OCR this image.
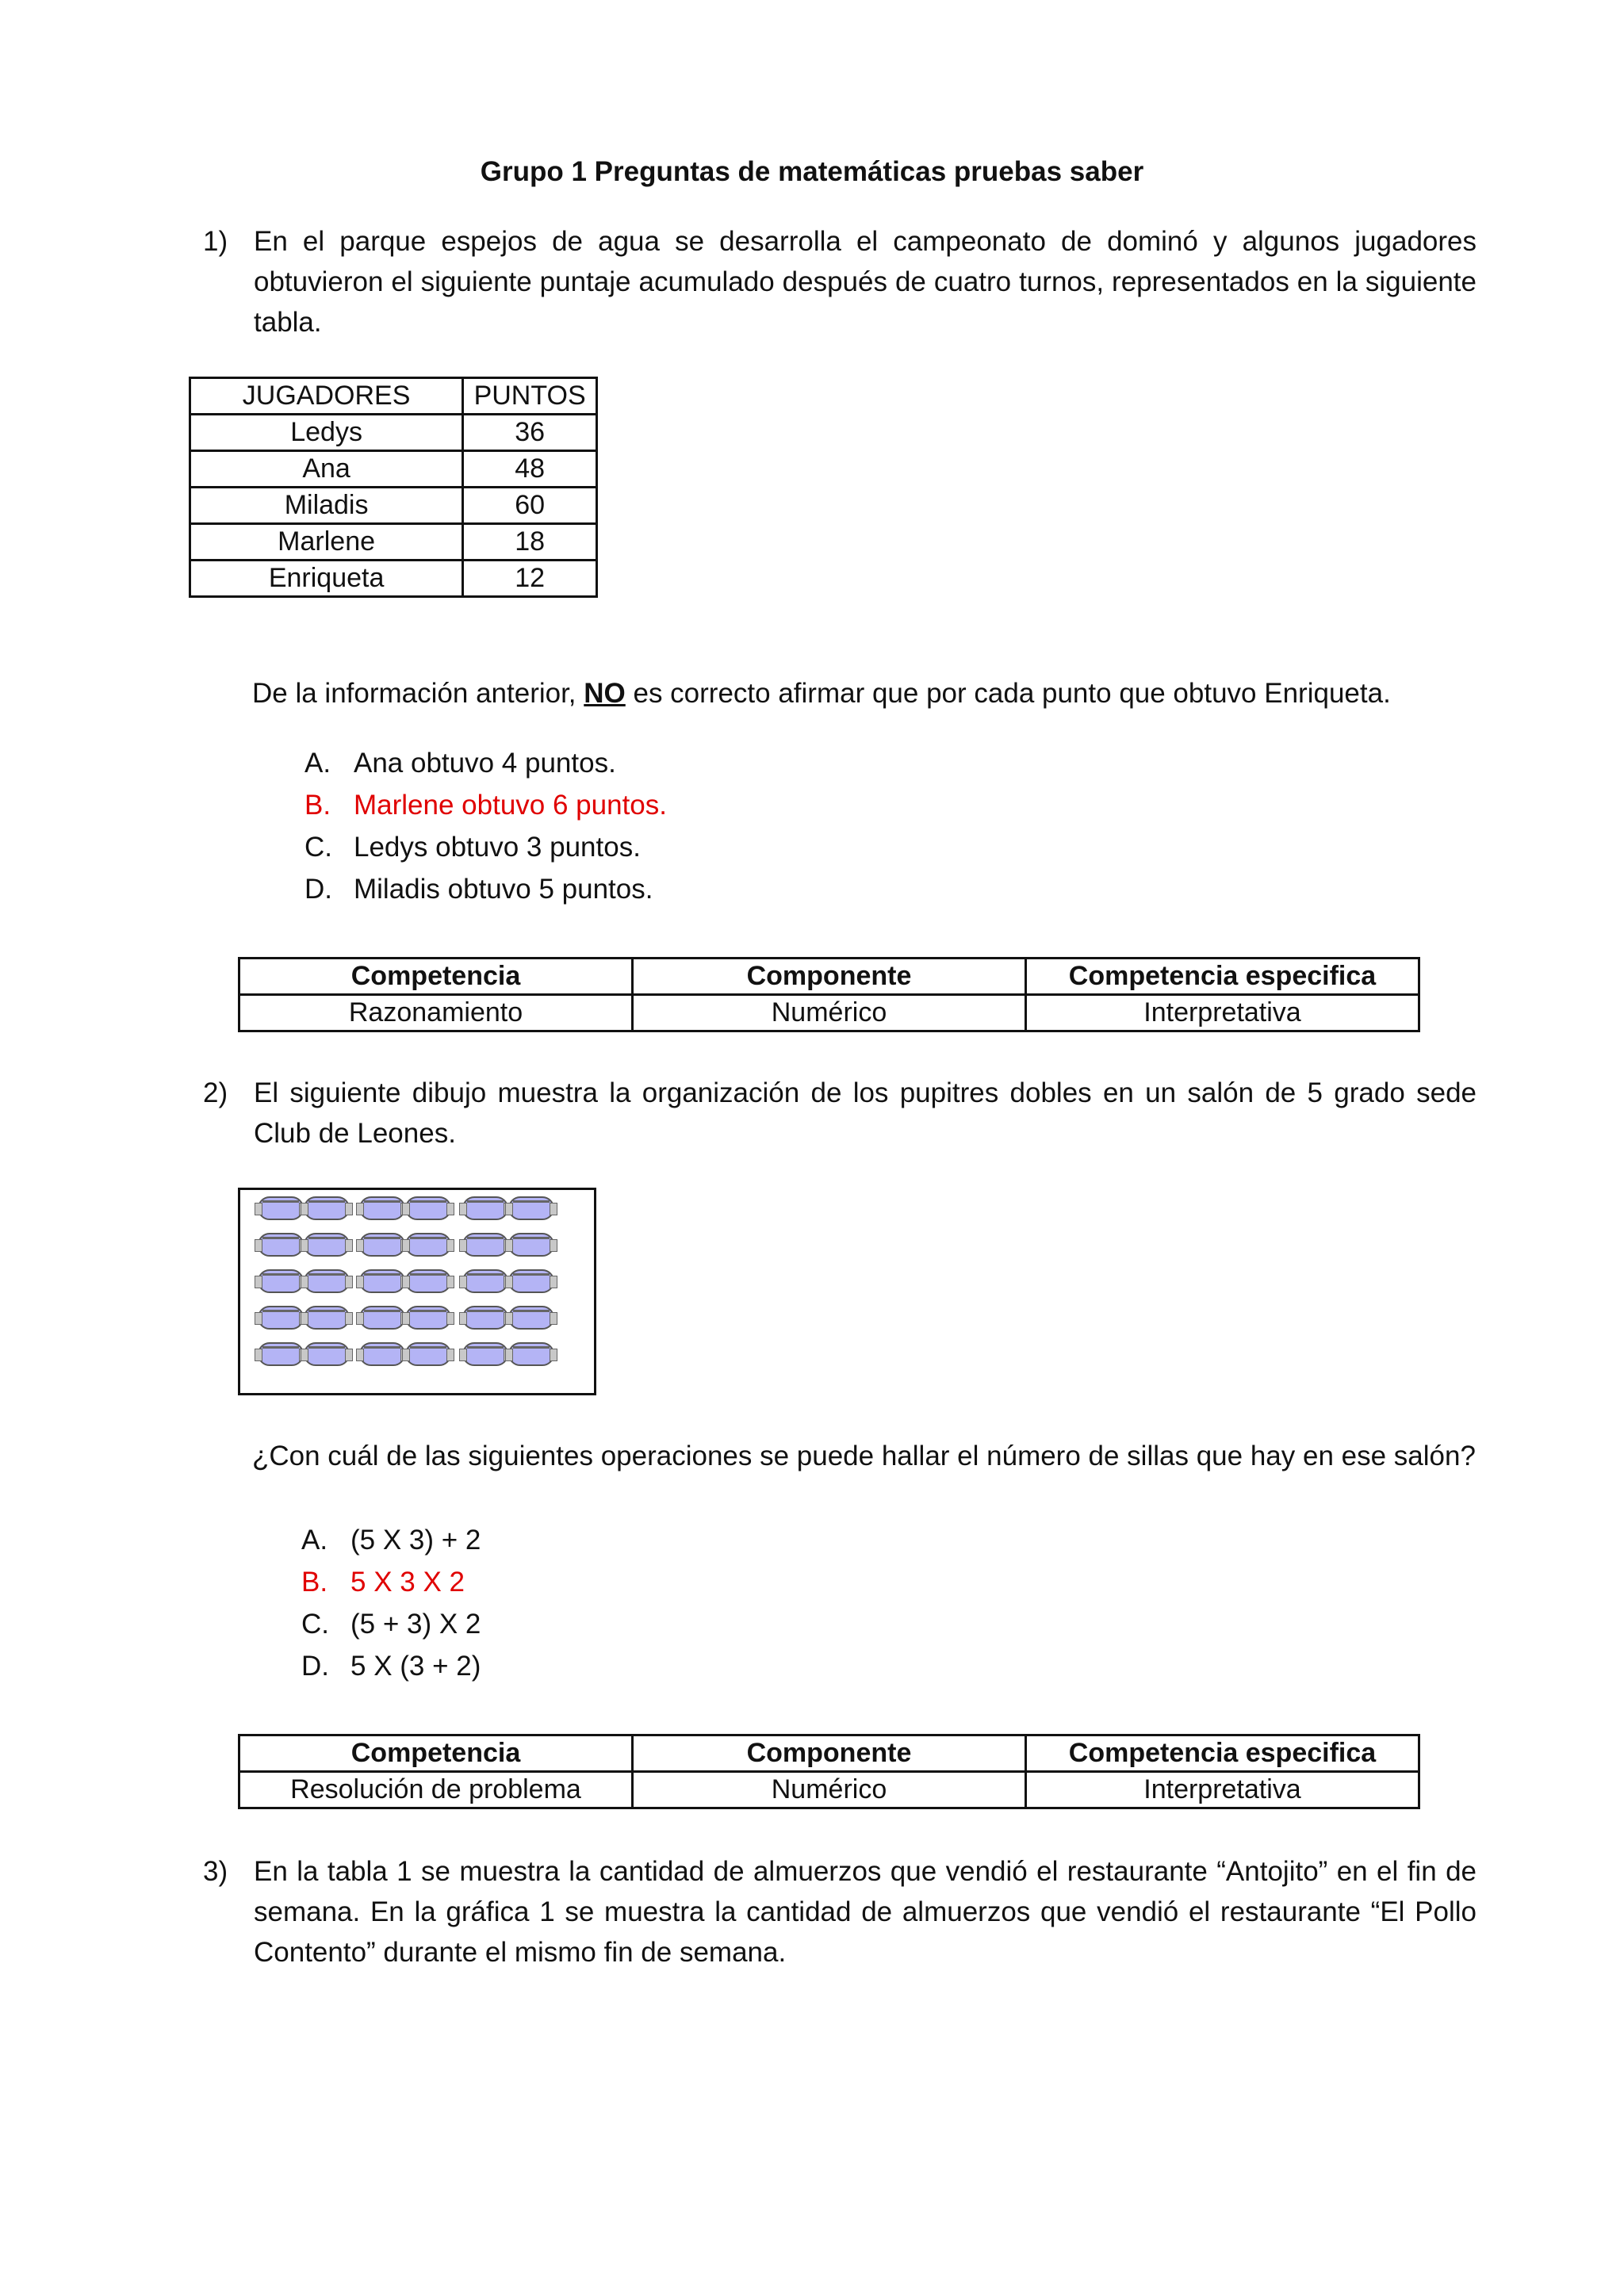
Grupo 1 Preguntas de matemáticas pruebas saber
1) En el parque espejos de agua se desarrolla el campeonato de dominó y algunos jugadores obtuvieron el siguiente puntaje acumulado después de cuatro turnos, representados en la siguiente tabla.
JUGADORES	PUNTOS
Ledys	36
Ana	48
Miladis	60
Marlene	18
Enriqueta	12
De la información anterior, NO es correcto afirmar que por cada punto que obtuvo Enriqueta.
A. Ana obtuvo 4 puntos.
B. Marlene obtuvo 6 puntos.
C. Ledys obtuvo 3 puntos.
D. Miladis obtuvo 5 puntos.
Competencia	Componente	Competencia especifica
Razonamiento	Numérico	Interpretativa
2) El siguiente dibujo muestra la organización de los pupitres dobles en un salón de 5 grado sede Club de Leones.
¿Con cuál de las siguientes operaciones se puede hallar el número de sillas que hay en ese salón?
A. (5 X 3) + 2
B. 5 X 3 X 2
C. (5 + 3) X 2
D. 5 X (3 + 2)
Competencia	Componente	Competencia especifica
Resolución de problema	Numérico	Interpretativa
3) En la tabla 1 se muestra la cantidad de almuerzos que vendió el restaurante “Antojito” en el fin de semana. En la gráfica 1 se muestra la cantidad de almuerzos que vendió el restaurante “El Pollo Contento” durante el mismo fin de semana.
